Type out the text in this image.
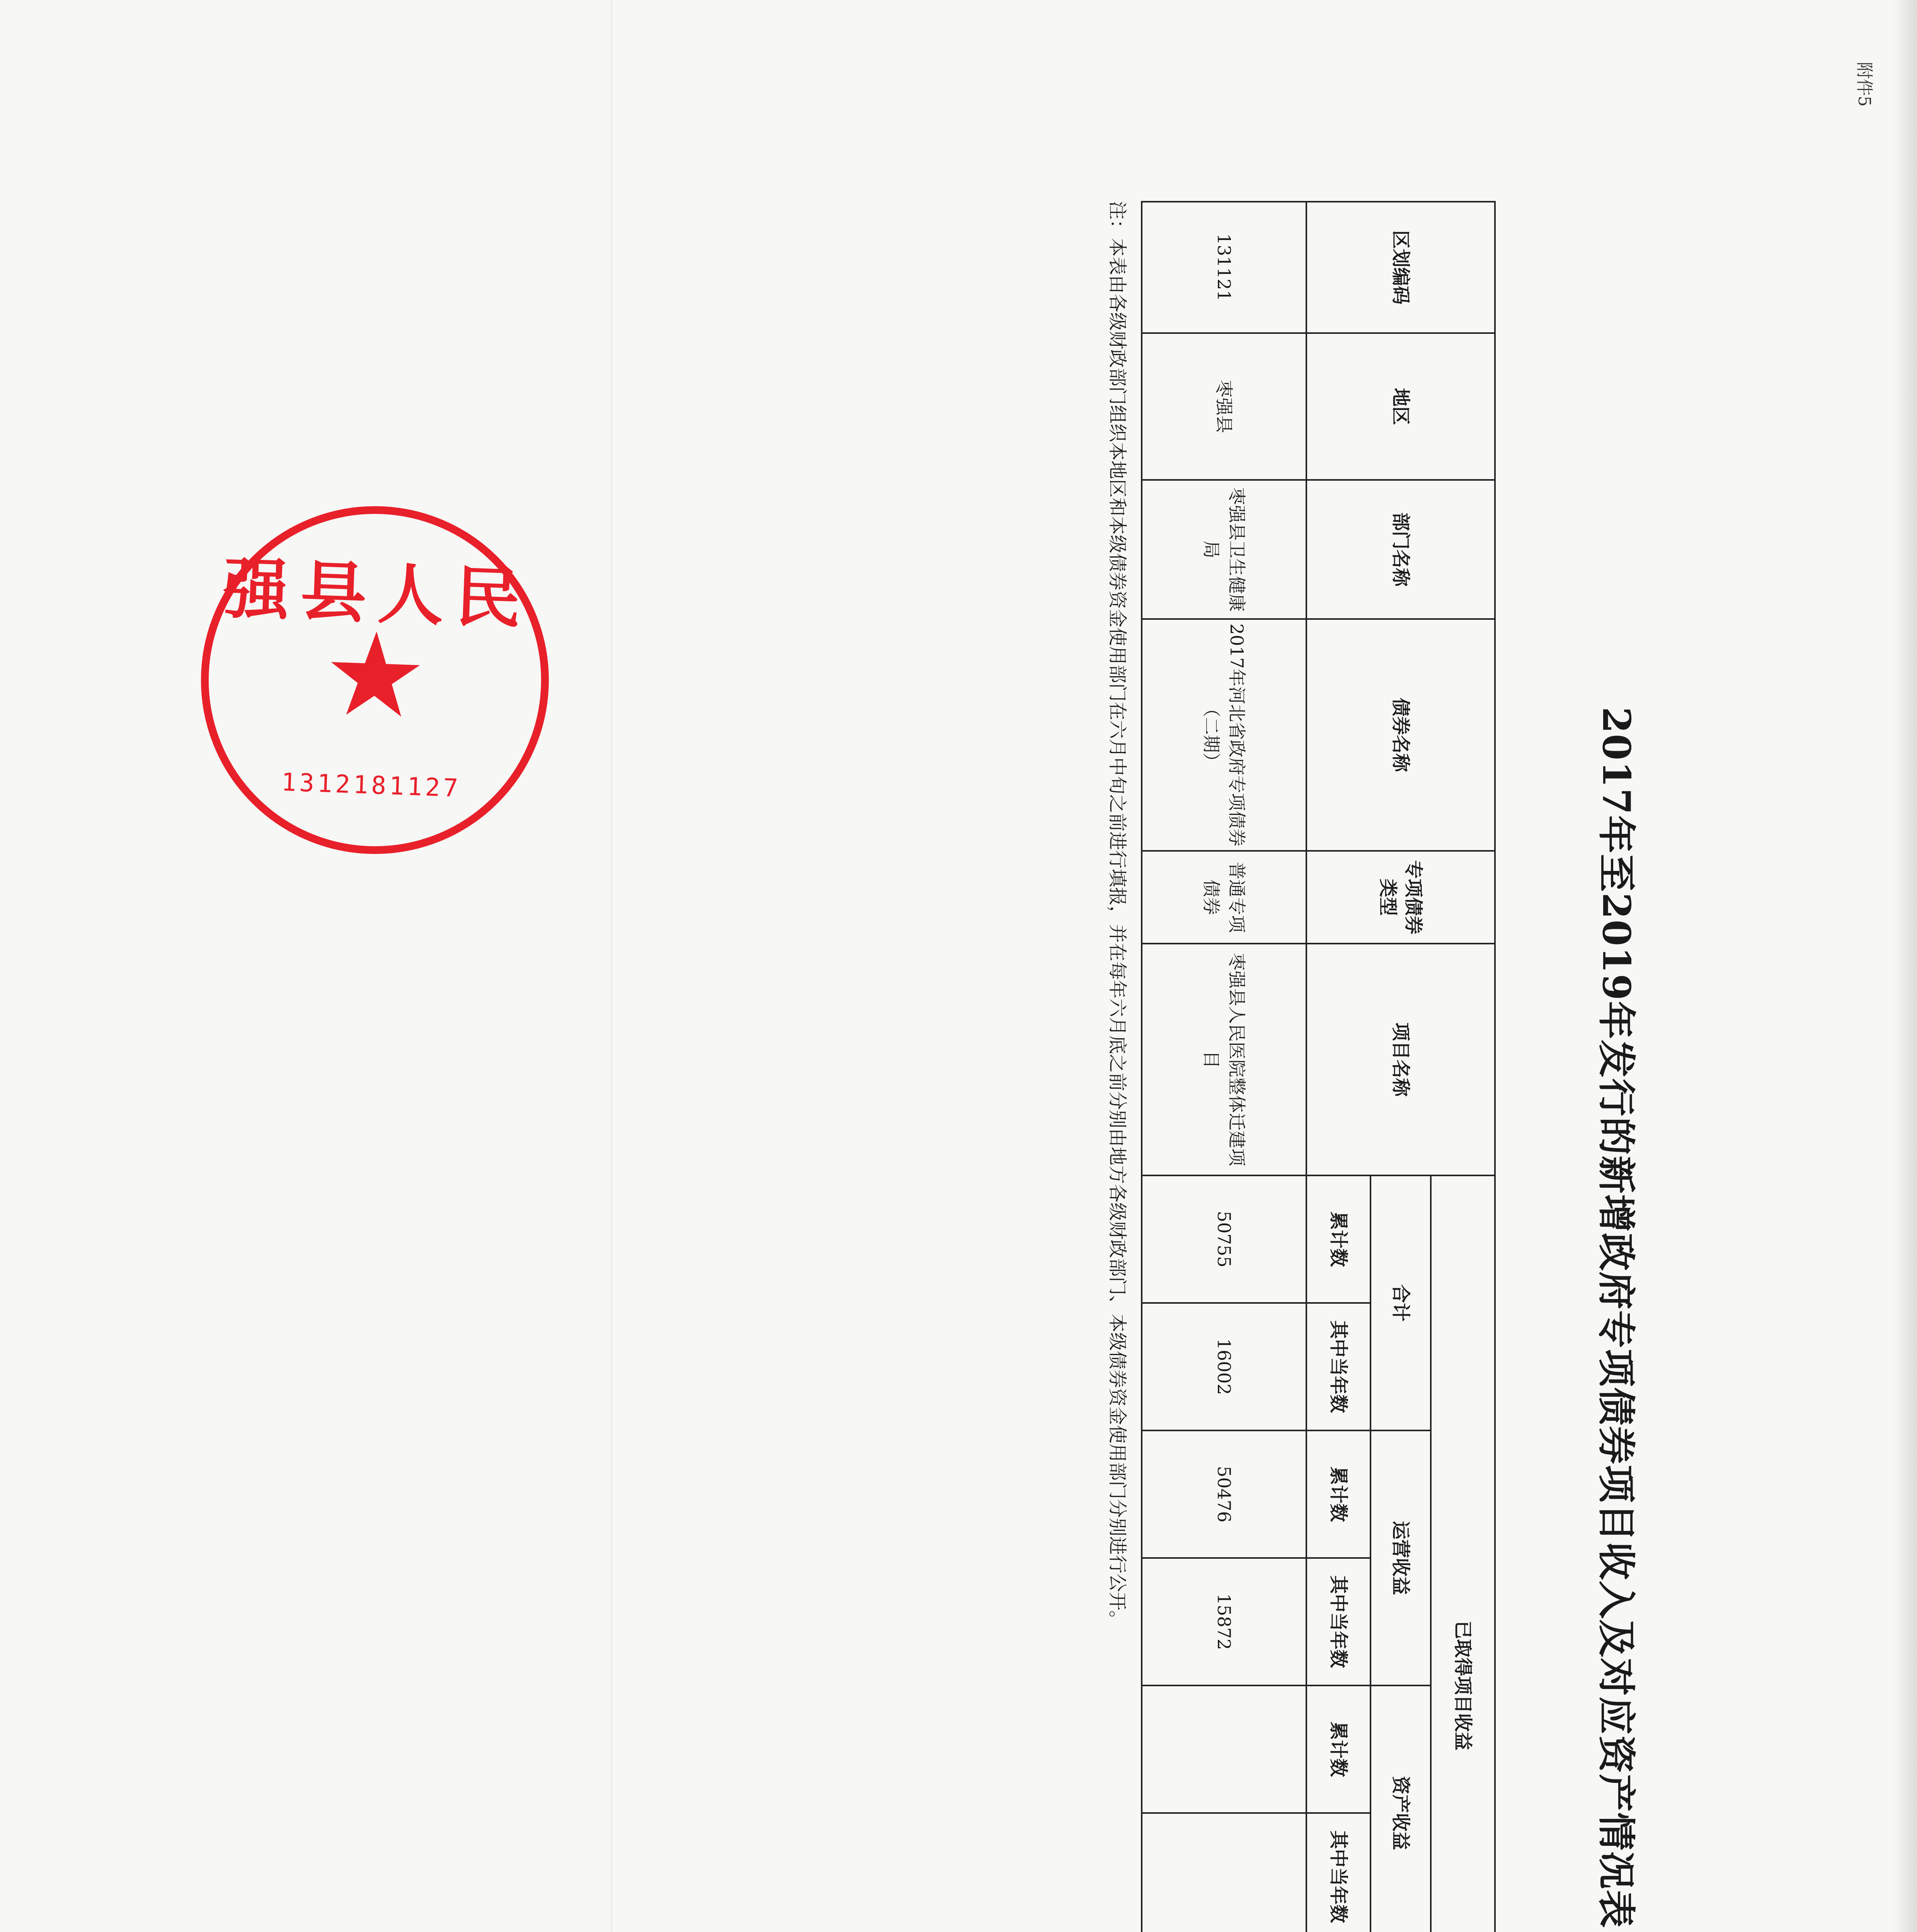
附件5
2017年至2019年发行的新增政府专项债券项目收入及对应资产情况表
区划编码	地区	部门名称	债券名称	专项债券类型	项目名称	已取得项目收益		
						合计		运营收益		资产收益					
						累计数	其中当年数	累计数	其中当年数	累计数	其中当年数		
131121	枣强县	枣强县卫生健康局	2017年河北省政府专项债券（二期）	普通专项债券	枣强县人民医院整体迁建项目	50755	16002	50476	15872									
注：本表由各级财政部门组织本地区和本级债券资金使用部门在六月中旬之前进行填报，并在每年六月底之前分别由地方各级财政部门、本级债券资金使用部门分别进行公开。
强县人民
★
1312181127
